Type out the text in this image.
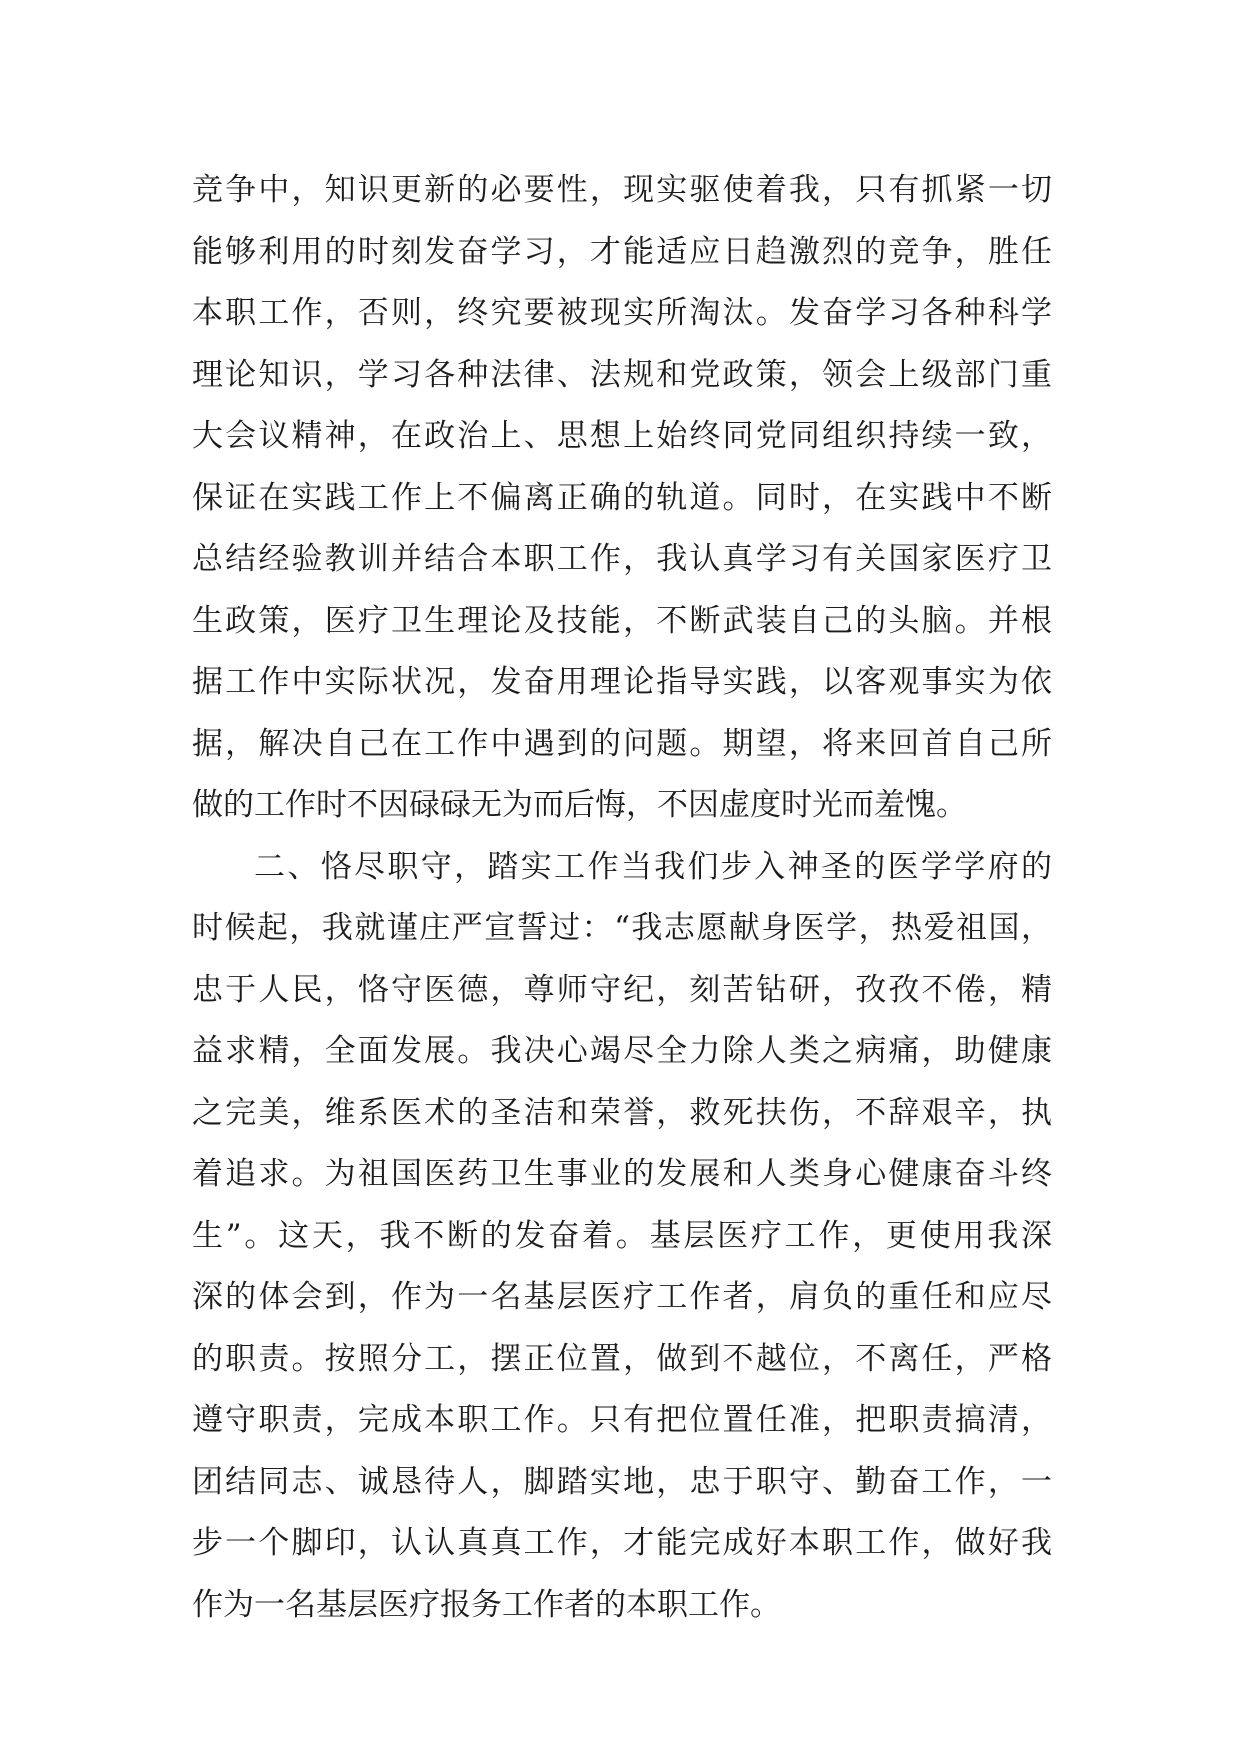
竞争中，知识更新的必要性，现实驱使着我，只有抓紧一切
能够利用的时刻发奋学习，才能适应日趋激烈的竞争，胜任
本职工作，否则，终究要被现实所淘汰。发奋学习各种科学
理论知识，学习各种法律、法规和党政策，领会上级部门重
大会议精神，在政治上、思想上始终同党同组织持续一致，
保证在实践工作上不偏离正确的轨道。同时，在实践中不断
总结经验教训并结合本职工作，我认真学习有关国家医疗卫
生政策，医疗卫生理论及技能，不断武装自己的头脑。并根
据工作中实际状况，发奋用理论指导实践，以客观事实为依
据，解决自己在工作中遇到的问题。期望，将来回首自己所
做的工作时不因碌碌无为而后悔，不因虚度时光而羞愧。
二、恪尽职守，踏实工作当我们步入神圣的医学学府的
时候起，我就谨庄严宣誓过：“我志愿献身医学，热爱祖国，
忠于人民，恪守医德，尊师守纪，刻苦钻研，孜孜不倦，精
益求精，全面发展。我决心竭尽全力除人类之病痛，助健康
之完美，维系医术的圣洁和荣誉，救死扶伤，不辞艰辛，执
着追求。为祖国医药卫生事业的发展和人类身心健康奋斗终
生”。这天，我不断的发奋着。基层医疗工作，更使用我深
深的体会到，作为一名基层医疗工作者，肩负的重任和应尽
的职责。按照分工，摆正位置，做到不越位，不离任，严格
遵守职责，完成本职工作。只有把位置任准，把职责搞清，
团结同志、诚恳待人，脚踏实地，忠于职守、勤奋工作，一
步一个脚印，认认真真工作，才能完成好本职工作，做好我
作为一名基层医疗报务工作者的本职工作。
